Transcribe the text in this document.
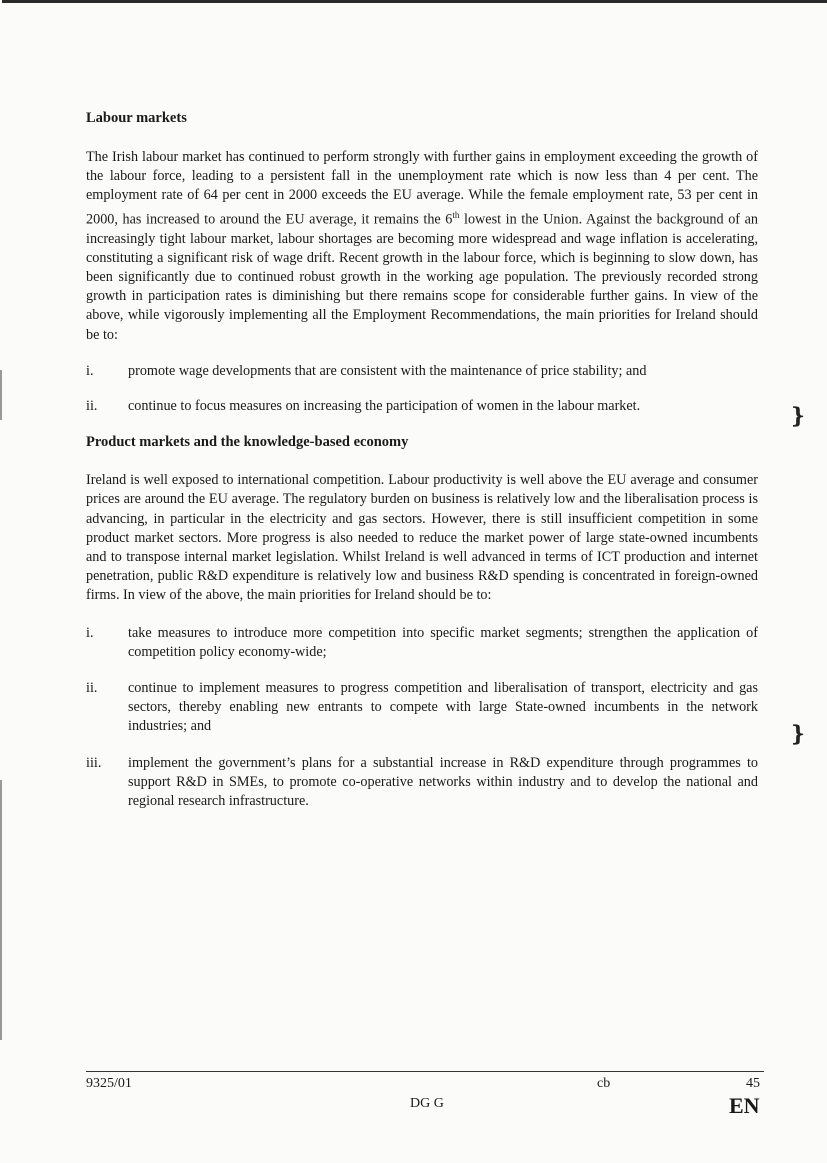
❵
❵
Labour markets

The Irish labour market has continued to perform strongly with further gains in employment exceeding the growth of the labour force, leading to a persistent fall in the unemployment rate which is now less than 4 per cent. The employment rate of 64 per cent in 2000 exceeds the EU average. While the female employment rate, 53 per cent in 2000, has increased to around the EU average, it remains the 6th lowest in the Union. Against the background of an increasingly tight labour market, labour shortages are becoming more widespread and wage inflation is accelerating, constituting a significant risk of wage drift. Recent growth in the labour force, which is beginning to slow down, has been significantly due to continued robust growth in the working age population. The previously recorded strong growth in participation rates is diminishing but there remains scope for considerable further gains. In view of the above, while vigorously implementing all the Employment Recommendations, the main priorities for Ireland should be to:

i.	promote wage developments that are consistent with the maintenance of price stability; and
ii.	continue to focus measures on increasing the participation of women in the labour market.
Product markets and the knowledge-based economy

Ireland is well exposed to international competition. Labour productivity is well above the EU average and consumer prices are around the EU average. The regulatory burden on business is relatively low and the liberalisation process is advancing, in particular in the electricity and gas sectors. However, there is still insufficient competition in some product market sectors. More progress is also needed to reduce the market power of large state-owned incumbents and to transpose internal market legislation. Whilst Ireland is well advanced in terms of ICT production and internet penetration, public R&D expenditure is relatively low and business R&D spending is concentrated in foreign-owned firms. In view of the above, the main priorities for Ireland should be to:

i.	take measures to introduce more competition into specific market segments; strengthen the application of competition policy economy-wide;
ii.	continue to implement measures to progress competition and liberalisation of transport, electricity and gas sectors, thereby enabling new entrants to compete with large State-owned incumbents in the network industries; and
iii.	implement the government’s plans for a substantial increase in R&D expenditure through programmes to support R&D in SMEs, to promote co-operative networks within industry and to develop the national and regional research infrastructure.
9325/01	cb	45
DG G	EN
